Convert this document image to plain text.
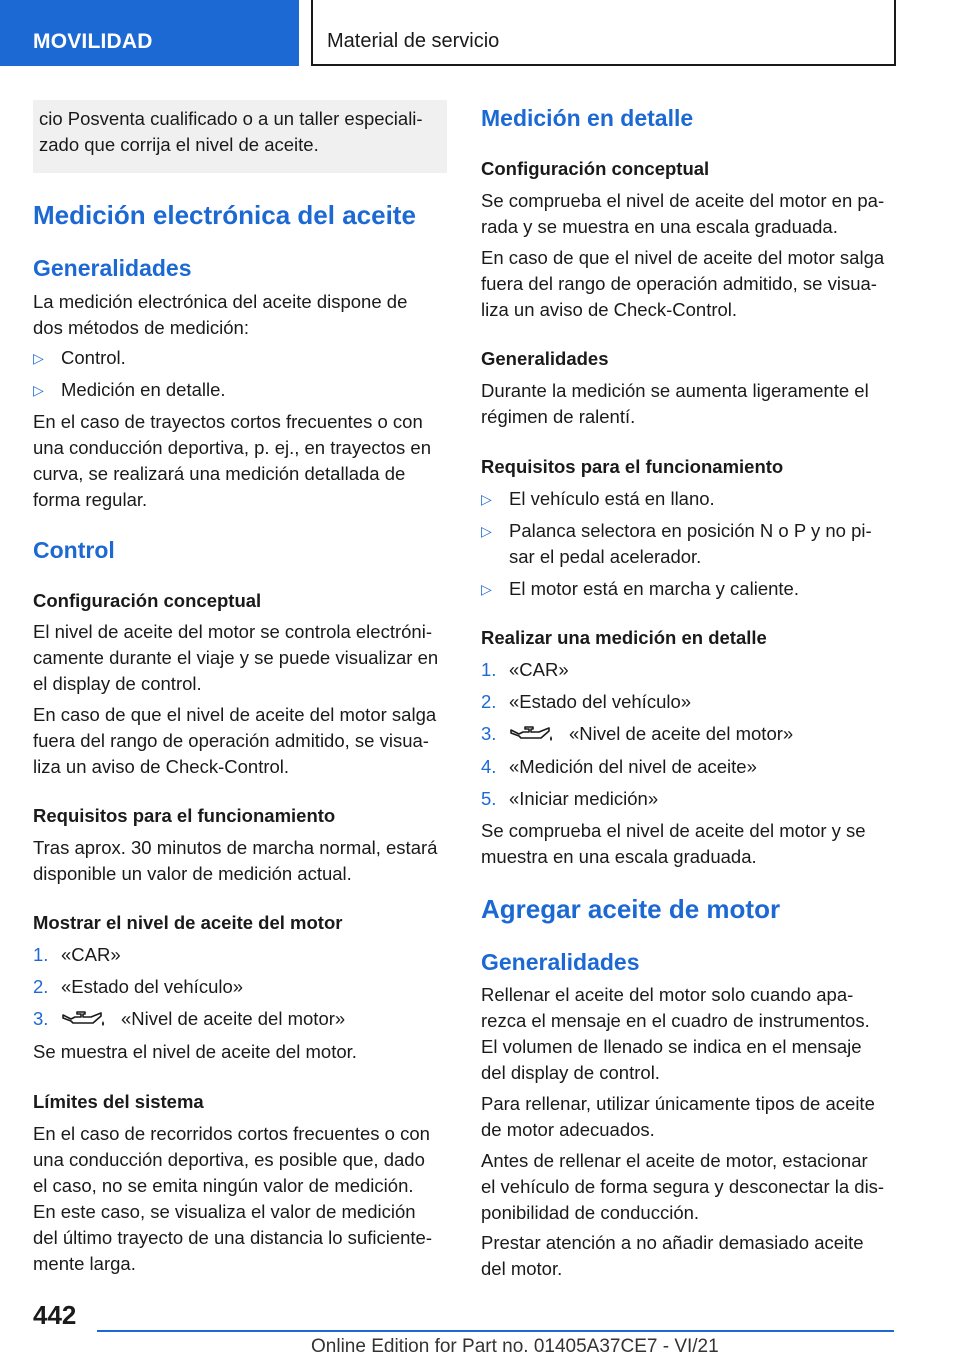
MOVILIDAD	Material de servicio
cio Posventa cualificado o a un taller especiali-
zado que corrija el nivel de aceite.
Medición electrónica del aceite
Generalidades
La medición electrónica del aceite dispone de
dos métodos de medición:
▷ Control.
▷ Medición en detalle.
En el caso de trayectos cortos frecuentes o con
una conducción deportiva, p. ej., en trayectos en
curva, se realizará una medición detallada de
forma regular.
Control
Configuración conceptual
El nivel de aceite del motor se controla electróni-
camente durante el viaje y se puede visualizar en
el display de control.
En caso de que el nivel de aceite del motor salga
fuera del rango de operación admitido, se visua-
liza un aviso de Check-Control.
Requisitos para el funcionamiento
Tras aprox. 30 minutos de marcha normal, estará
disponible un valor de medición actual.
Mostrar el nivel de aceite del motor
1. «CAR»
2. «Estado del vehículo»
3.	«Nivel de aceite del motor»
Se muestra el nivel de aceite del motor.
Límites del sistema
En el caso de recorridos cortos frecuentes o con
una conducción deportiva, es posible que, dado
el caso, no se emita ningún valor de medición.
En este caso, se visualiza el valor de medición
del último trayecto de una distancia lo suficiente-
mente larga.
Medición en detalle
Configuración conceptual
Se comprueba el nivel de aceite del motor en pa-
rada y se muestra en una escala graduada.
En caso de que el nivel de aceite del motor salga
fuera del rango de operación admitido, se visua-
liza un aviso de Check-Control.
Generalidades
Durante la medición se aumenta ligeramente el
régimen de ralentí.
Requisitos para el funcionamiento
▷ El vehículo está en llano.
▷ Palanca selectora en posición N o P y no pi-
sar el pedal acelerador.
▷ El motor está en marcha y caliente.
Realizar una medición en detalle
1. «CAR»
2. «Estado del vehículo»
3.	«Nivel de aceite del motor»
4. «Medición del nivel de aceite»
5. «Iniciar medición»
Se comprueba el nivel de aceite del motor y se
muestra en una escala graduada.
Agregar aceite de motor
Generalidades
Rellenar el aceite del motor solo cuando apa-
rezca el mensaje en el cuadro de instrumentos.
El volumen de llenado se indica en el mensaje
del display de control.
Para rellenar, utilizar únicamente tipos de aceite
de motor adecuados.
Antes de rellenar el aceite de motor, estacionar
el vehículo de forma segura y desconectar la dis-
ponibilidad de conducción.
Prestar atención a no añadir demasiado aceite
del motor.
442
Online Edition for Part no. 01405A37CE7 - VI/21
